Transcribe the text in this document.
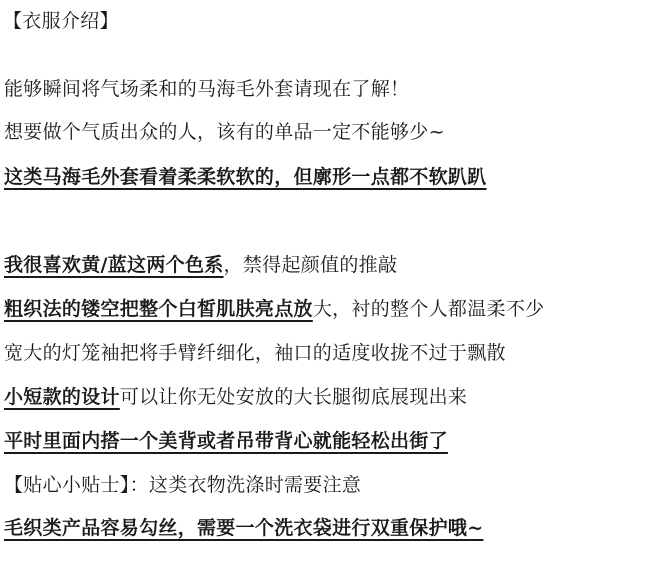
【衣服介绍】
能够瞬间将气场柔和的马海毛外套请现在了解！
想要做个气质出众的人，该有的单品一定不能够少~
这类马海毛外套看着柔柔软软的，但廓形一点都不软趴趴
我很喜欢黄/蓝这两个色系，禁得起颜值的推敲
粗织法的镂空把整个白皙肌肤亮点放大，衬的整个人都温柔不少
宽大的灯笼袖把将手臂纤细化，袖口的适度收拢不过于飘散
小短款的设计可以让你无处安放的大长腿彻底展现出来
平时里面内搭一个美背或者吊带背心就能轻松出街了
【贴心小贴士】：这类衣物洗涤时需要注意
毛织类产品容易勾丝，需要一个洗衣袋进行双重保护哦~
